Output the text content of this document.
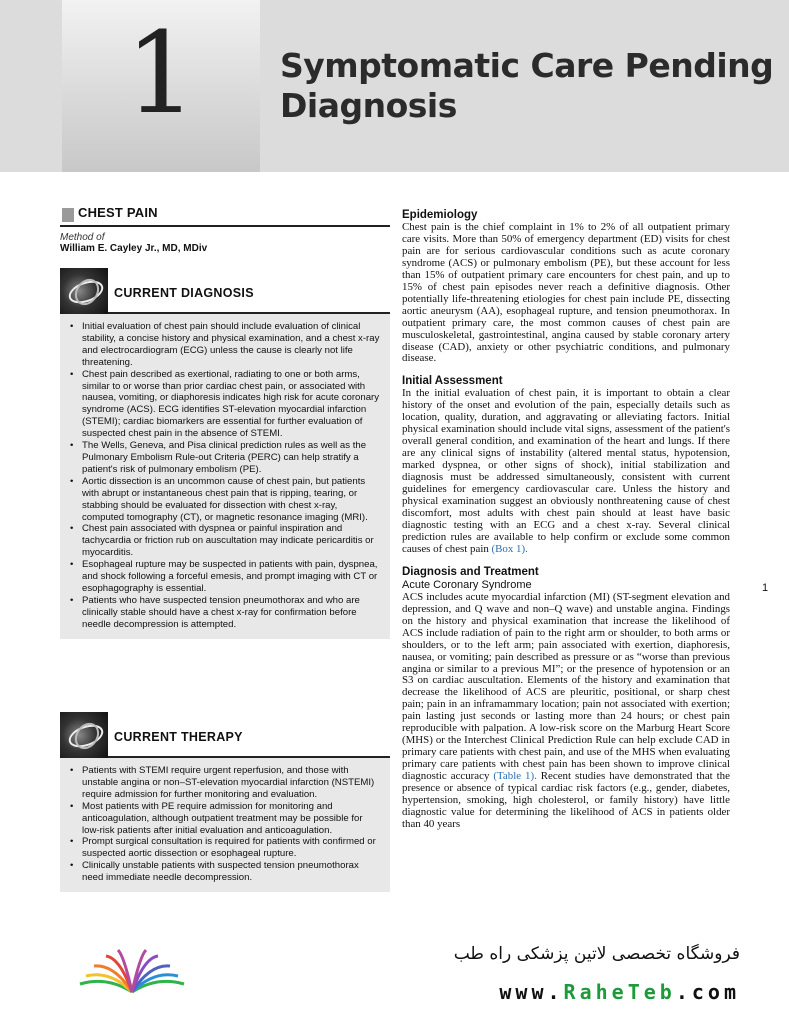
1	Symptomatic Care Pending
Diagnosis
CHEST PAIN
Method of
William E. Cayley Jr., MD, MDiv
CURRENT DIAGNOSIS
• Initial evaluation of chest pain should include evaluation of clinical stability, a concise history and physical examination, and a chest x-ray and electrocardiogram (ECG) unless the cause is clearly not life threatening.
• Chest pain described as exertional, radiating to one or both arms, similar to or worse than prior cardiac chest pain, or associated with nausea, vomiting, or diaphoresis indicates high risk for acute coronary syndrome (ACS). ECG identifies ST-elevation myocardial infarction (STEMI); cardiac biomarkers are essential for further evaluation of suspected chest pain in the absence of STEMI.
• The Wells, Geneva, and Pisa clinical prediction rules as well as the Pulmonary Embolism Rule-out Criteria (PERC) can help stratify a patient's risk of pulmonary embolism (PE).
• Aortic dissection is an uncommon cause of chest pain, but patients with abrupt or instantaneous chest pain that is ripping, tearing, or stabbing should be evaluated for dissection with chest x-ray, computed tomography (CT), or magnetic resonance imaging (MRI).
• Chest pain associated with dyspnea or painful inspiration and tachycardia or friction rub on auscultation may indicate pericarditis or myocarditis.
• Esophageal rupture may be suspected in patients with pain, dyspnea, and shock following a forceful emesis, and prompt imaging with CT or esophagography is essential.
• Patients who have suspected tension pneumothorax and who are clinically stable should have a chest x-ray for confirmation before needle decompression is attempted.
CURRENT THERAPY
• Patients with STEMI require urgent reperfusion, and those with unstable angina or non–ST-elevation myocardial infarction (NSTEMI) require admission for further monitoring and evaluation.
• Most patients with PE require admission for monitoring and anticoagulation, although outpatient treatment may be possible for low-risk patients after initial evaluation and anticoagulation.
• Prompt surgical consultation is required for patients with confirmed or suspected aortic dissection or esophageal rupture.
• Clinically unstable patients with suspected tension pneumothorax need immediate needle decompression.

Epidemiology

Chest pain is the chief complaint in 1% to 2% of all outpatient primary care visits. More than 50% of emergency department (ED) visits for chest pain are for serious cardiovascular conditions such as acute coronary syndrome (ACS) or pulmonary embolism (PE), but these account for less than 15% of outpatient primary care encounters for chest pain, and up to 15% of chest pain episodes never reach a definitive diagnosis. Other potentially life-threatening etiologies for chest pain include PE, dissecting aortic aneurysm (AA), esophageal rupture, and tension pneumothorax. In outpatient primary care, the most common causes of chest pain are musculoskeletal, gastrointestinal, angina caused by stable coronary artery disease (CAD), anxiety or other psychiatric conditions, and pulmonary disease.

Initial Assessment

In the initial evaluation of chest pain, it is important to obtain a clear history of the onset and evolution of the pain, especially details such as location, quality, duration, and aggravating or alleviating factors. Initial physical examination should include vital signs, assessment of the patient's overall general condition, and examination of the heart and lungs. If there are any clinical signs of instability (altered mental status, hypotension, marked dyspnea, or other signs of shock), initial stabilization and diagnosis must be addressed simultaneously, consistent with current guidelines for emergency cardiovascular care. Unless the history and physical examination suggest an obviously nonthreatening cause of chest discomfort, most adults with chest pain should at least have basic diagnostic testing with an ECG and a chest x-ray. Several clinical prediction rules are available to help confirm or exclude some common causes of chest pain (Box 1).

Diagnosis and Treatment

Acute Coronary Syndrome

ACS includes acute myocardial infarction (MI) (ST-segment elevation and depression, and Q wave and non–Q wave) and unstable angina. Findings on the history and physical examination that increase the likelihood of ACS include radiation of pain to the right arm or shoulder, to both arms or shoulders, or to the left arm; pain associated with exertion, diaphoresis, nausea, or vomiting; pain described as pressure or as “worse than previous angina or similar to a previous MI”; or the presence of hypotension or an S3 on cardiac auscultation. Elements of the history and examination that decrease the likelihood of ACS are pleuritic, positional, or sharp chest pain; pain in an inframammary location; pain not associated with exertion; pain lasting just seconds or lasting more than 24 hours; or chest pain reproducible with palpation. A low-risk score on the Marburg Heart Score (MHS) or the Interchest Clinical Prediction Rule can help exclude CAD in primary care patients with chest pain, and use of the MHS when evaluating primary care patients with chest pain has been shown to improve clinical diagnostic accuracy (Table 1). Recent studies have demonstrated that the presence or absence of typical cardiac risk factors (e.g., gender, diabetes, hypertension, smoking, high cholesterol, or family history) have little diagnostic value for determining the likelihood of ACS in patients older than 40 years

1
فروشگاه تخصصی لاتین پزشکی راه طب
www.RaheTeb.com
